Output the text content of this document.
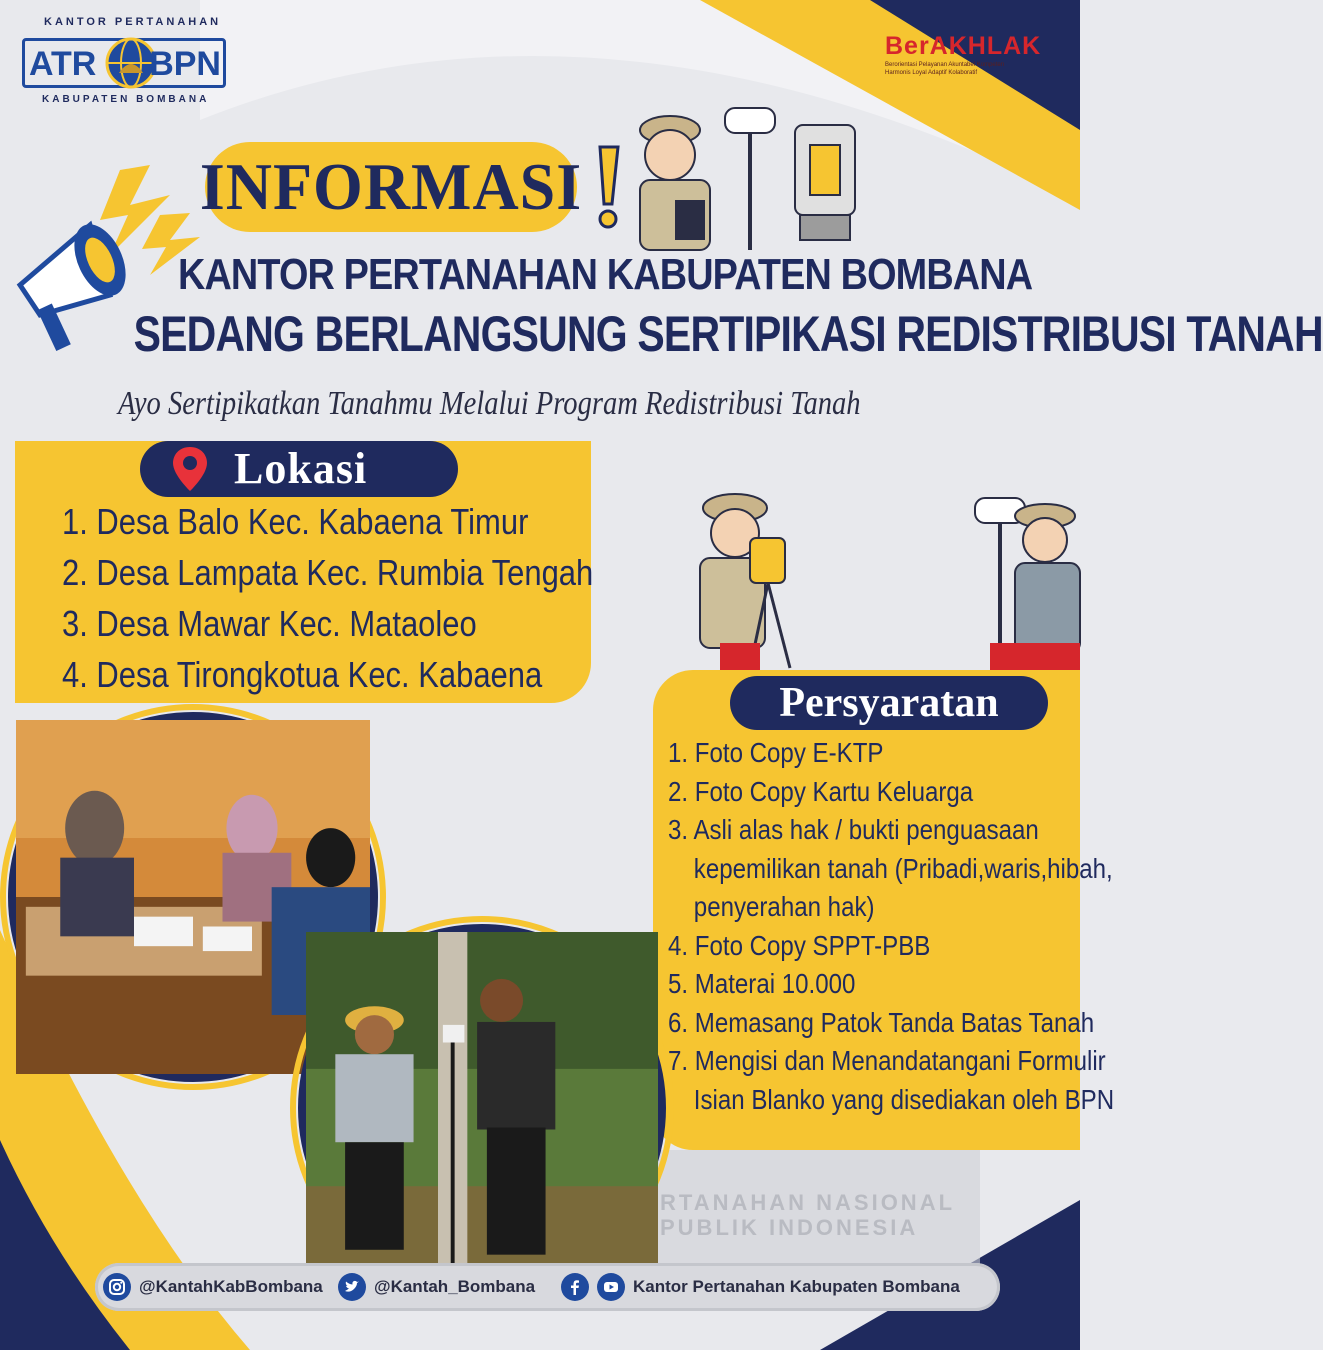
RTANAHAN NASIONAL
PUBLIK INDONESIA
KANTOR PERTANAHAN
ATR BPN
KABUPATEN BOMBANA
BerAKHLAK
Berorientasi Pelayanan Akuntabel Kompeten
Harmonis Loyal Adaptif Kolaboratif
INFORMASI
KANTOR PERTANAHAN KABUPATEN BOMBANA
SEDANG BERLANGSUNG SERTIPIKASI REDISTRIBUSI TANAH
Ayo Sertipikatkan Tanahmu Melalui Program Redistribusi Tanah
Lokasi
1. Desa Balo Kec. Kabaena Timur
2. Desa Lampata Kec. Rumbia Tengah
3. Desa Mawar Kec. Mataoleo
4. Desa Tirongkotua Kec. Kabaena
Persyaratan
1. Foto Copy E-KTP
2. Foto Copy Kartu Keluarga
3. Asli alas hak / bukti penguasaan
kepemilikan tanah (Pribadi,waris,hibah,
penyerahan hak)
4. Foto Copy SPPT-PBB
5. Materai 10.000
6. Memasang Patok Tanda Batas Tanah
7. Mengisi dan Menandatangani Formulir
Isian Blanko yang disediakan oleh BPN
@KantahKabBombana	@Kantah_Bombana	Kantor Pertanahan Kabupaten Bombana
